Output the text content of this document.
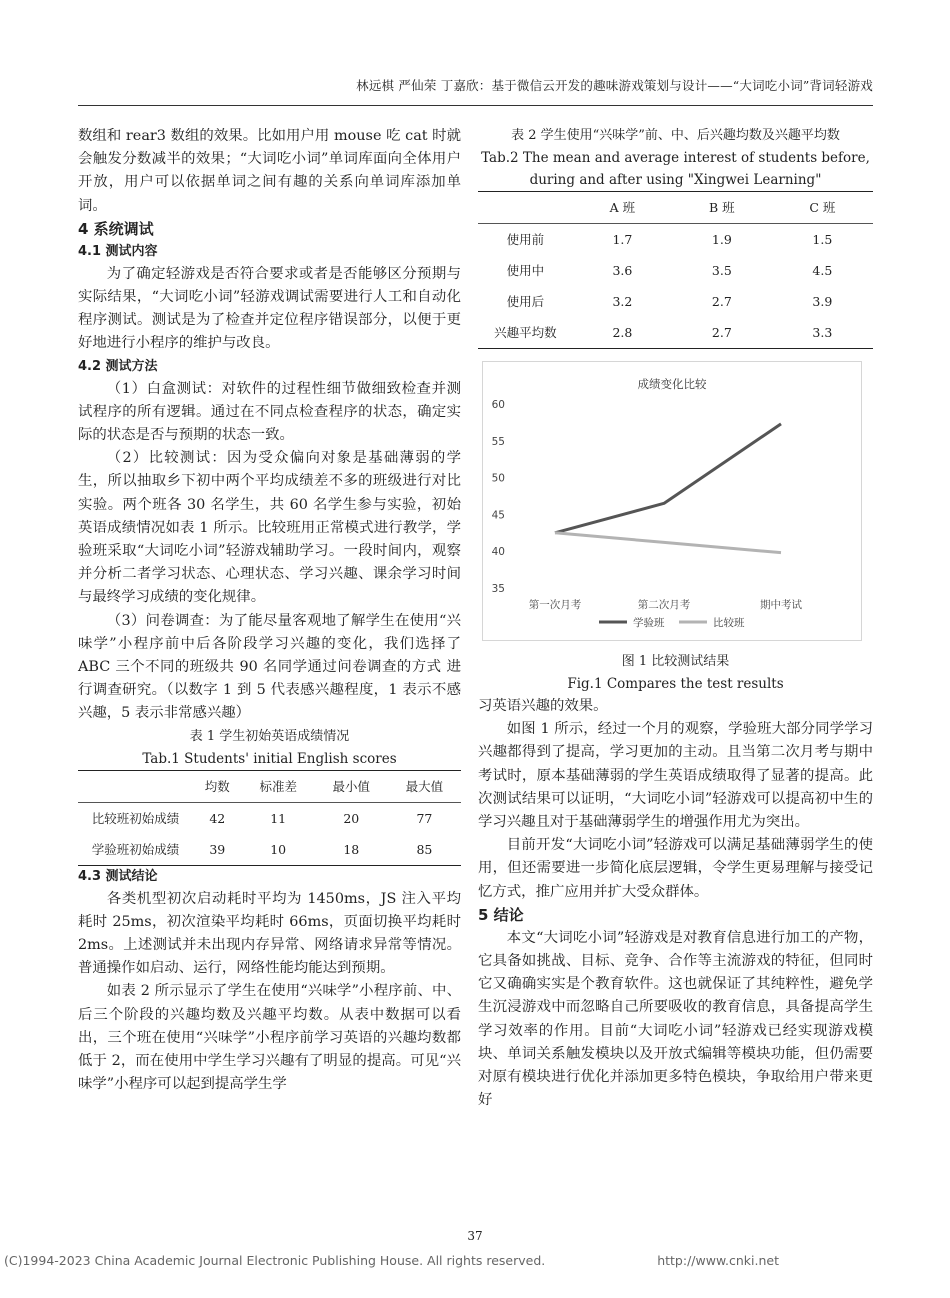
林远棋 严仙荣 丁嘉欣：基于微信云开发的趣味游戏策划与设计——“大词吃小词”背词轻游戏

数组和 rear3 数组的效果。比如用户用 mouse 吃 cat 时就会触发分数减半的效果；“大词吃小词”单词库面向全体用户开放，用户可以依据单词之间有趣的关系向单词库添加单词。

4 系统调试
4.1 测试内容

为了确定轻游戏是否符合要求或者是否能够区分预期与实际结果，“大词吃小词”轻游戏调试需要进行人工和自动化程序测试。测试是为了检查并定位程序错误部分，以便于更好地进行小程序的维护与改良。

4.2 测试方法

（1）白盒测试：对软件的过程性细节做细致检查并测试程序的所有逻辑。通过在不同点检查程序的状态，确定实际的状态是否与预期的状态一致。

（2）比较测试：因为受众偏向对象是基础薄弱的学生，所以抽取乡下初中两个平均成绩差不多的班级进行对比实验。两个班各 30 名学生，共 60 名学生参与实验，初始英语成绩情况如表 1 所示。比较班用正常模式进行教学，学验班采取“大词吃小词”轻游戏辅助学习。一段时间内，观察并分析二者学习状态、心理状态、学习兴趣、课余学习时间与最终学习成绩的变化规律。

（3）问卷调查：为了能尽量客观地了解学生在使用“兴味学”小程序前中后各阶段学习兴趣的变化，我们选择了 ABC 三个不同的班级共 90 名同学通过问卷调查的方式 进行调查研究。（以数字 1 到 5 代表感兴趣程度，1 表示不感兴趣，5 表示非常感兴趣）

表 1 学生初始英语成绩情况
Tab.1 Students' initial English scores
	均数	标准差	最小值	最大值
比较班初始成绩	42	11	20	77
学验班初始成绩	39	10	18	85
4.3 测试结论

各类机型初次启动耗时平均为 1450ms，JS 注入平均耗时 25ms，初次渲染平均耗时 66ms，页面切换平均耗时 2ms。上述测试并未出现内存异常、网络请求异常等情况。普通操作如启动、运行，网络性能均能达到预期。

如表 2 所示显示了学生在使用“兴味学”小程序前、中、后三个阶段的兴趣均数及兴趣平均数。从表中数据可以看出，三个班在使用“兴味学”小程序前学习英语的兴趣均数都低于 2，而在使用中学生学习兴趣有了明显的提高。可见“兴味学”小程序可以起到提高学生学

表 2 学生使用“兴味学”前、中、后兴趣均数及兴趣平均数
Tab.2 The mean and average interest of students before, during and after using "Xingwei Learning"
	A 班	B 班	C 班
使用前	1.7	1.9	1.5
使用中	3.6	3.5	4.5
使用后	3.2	2.7	3.9
兴趣平均数	2.8	2.7	3.3
成绩变化比较
35
40
45
50
55
60
第一次月考	第二次月考	期中考试
学验班	比较班
图 1 比较测试结果
Fig.1 Compares the test results

习英语兴趣的效果。

如图 1 所示，经过一个月的观察，学验班大部分同学学习兴趣都得到了提高，学习更加的主动。且当第二次月考与期中考试时，原本基础薄弱的学生英语成绩取得了显著的提高。此次测试结果可以证明，“大词吃小词”轻游戏可以提高初中生的学习兴趣且对于基础薄弱学生的增强作用尤为突出。

目前开发“大词吃小词”轻游戏可以满足基础薄弱学生的使用，但还需要进一步简化底层逻辑，令学生更易理解与接受记忆方式，推广应用并扩大受众群体。

5 结论

本文“大词吃小词”轻游戏是对教育信息进行加工的产物，它具备如挑战、目标、竞争、合作等主流游戏的特征，但同时它又确确实实是个教育软件。这也就保证了其纯粹性，避免学生沉浸游戏中而忽略自己所要吸收的教育信息，具备提高学生学习效率的作用。目前“大词吃小词”轻游戏已经实现游戏模块、单词关系触发模块以及开放式编辑等模块功能，但仍需要对原有模块进行优化并添加更多特色模块，争取给用户带来更好

37
(C)1994-2023 China Academic Journal Electronic Publishing House. All rights reserved.	http://www.cnki.net
